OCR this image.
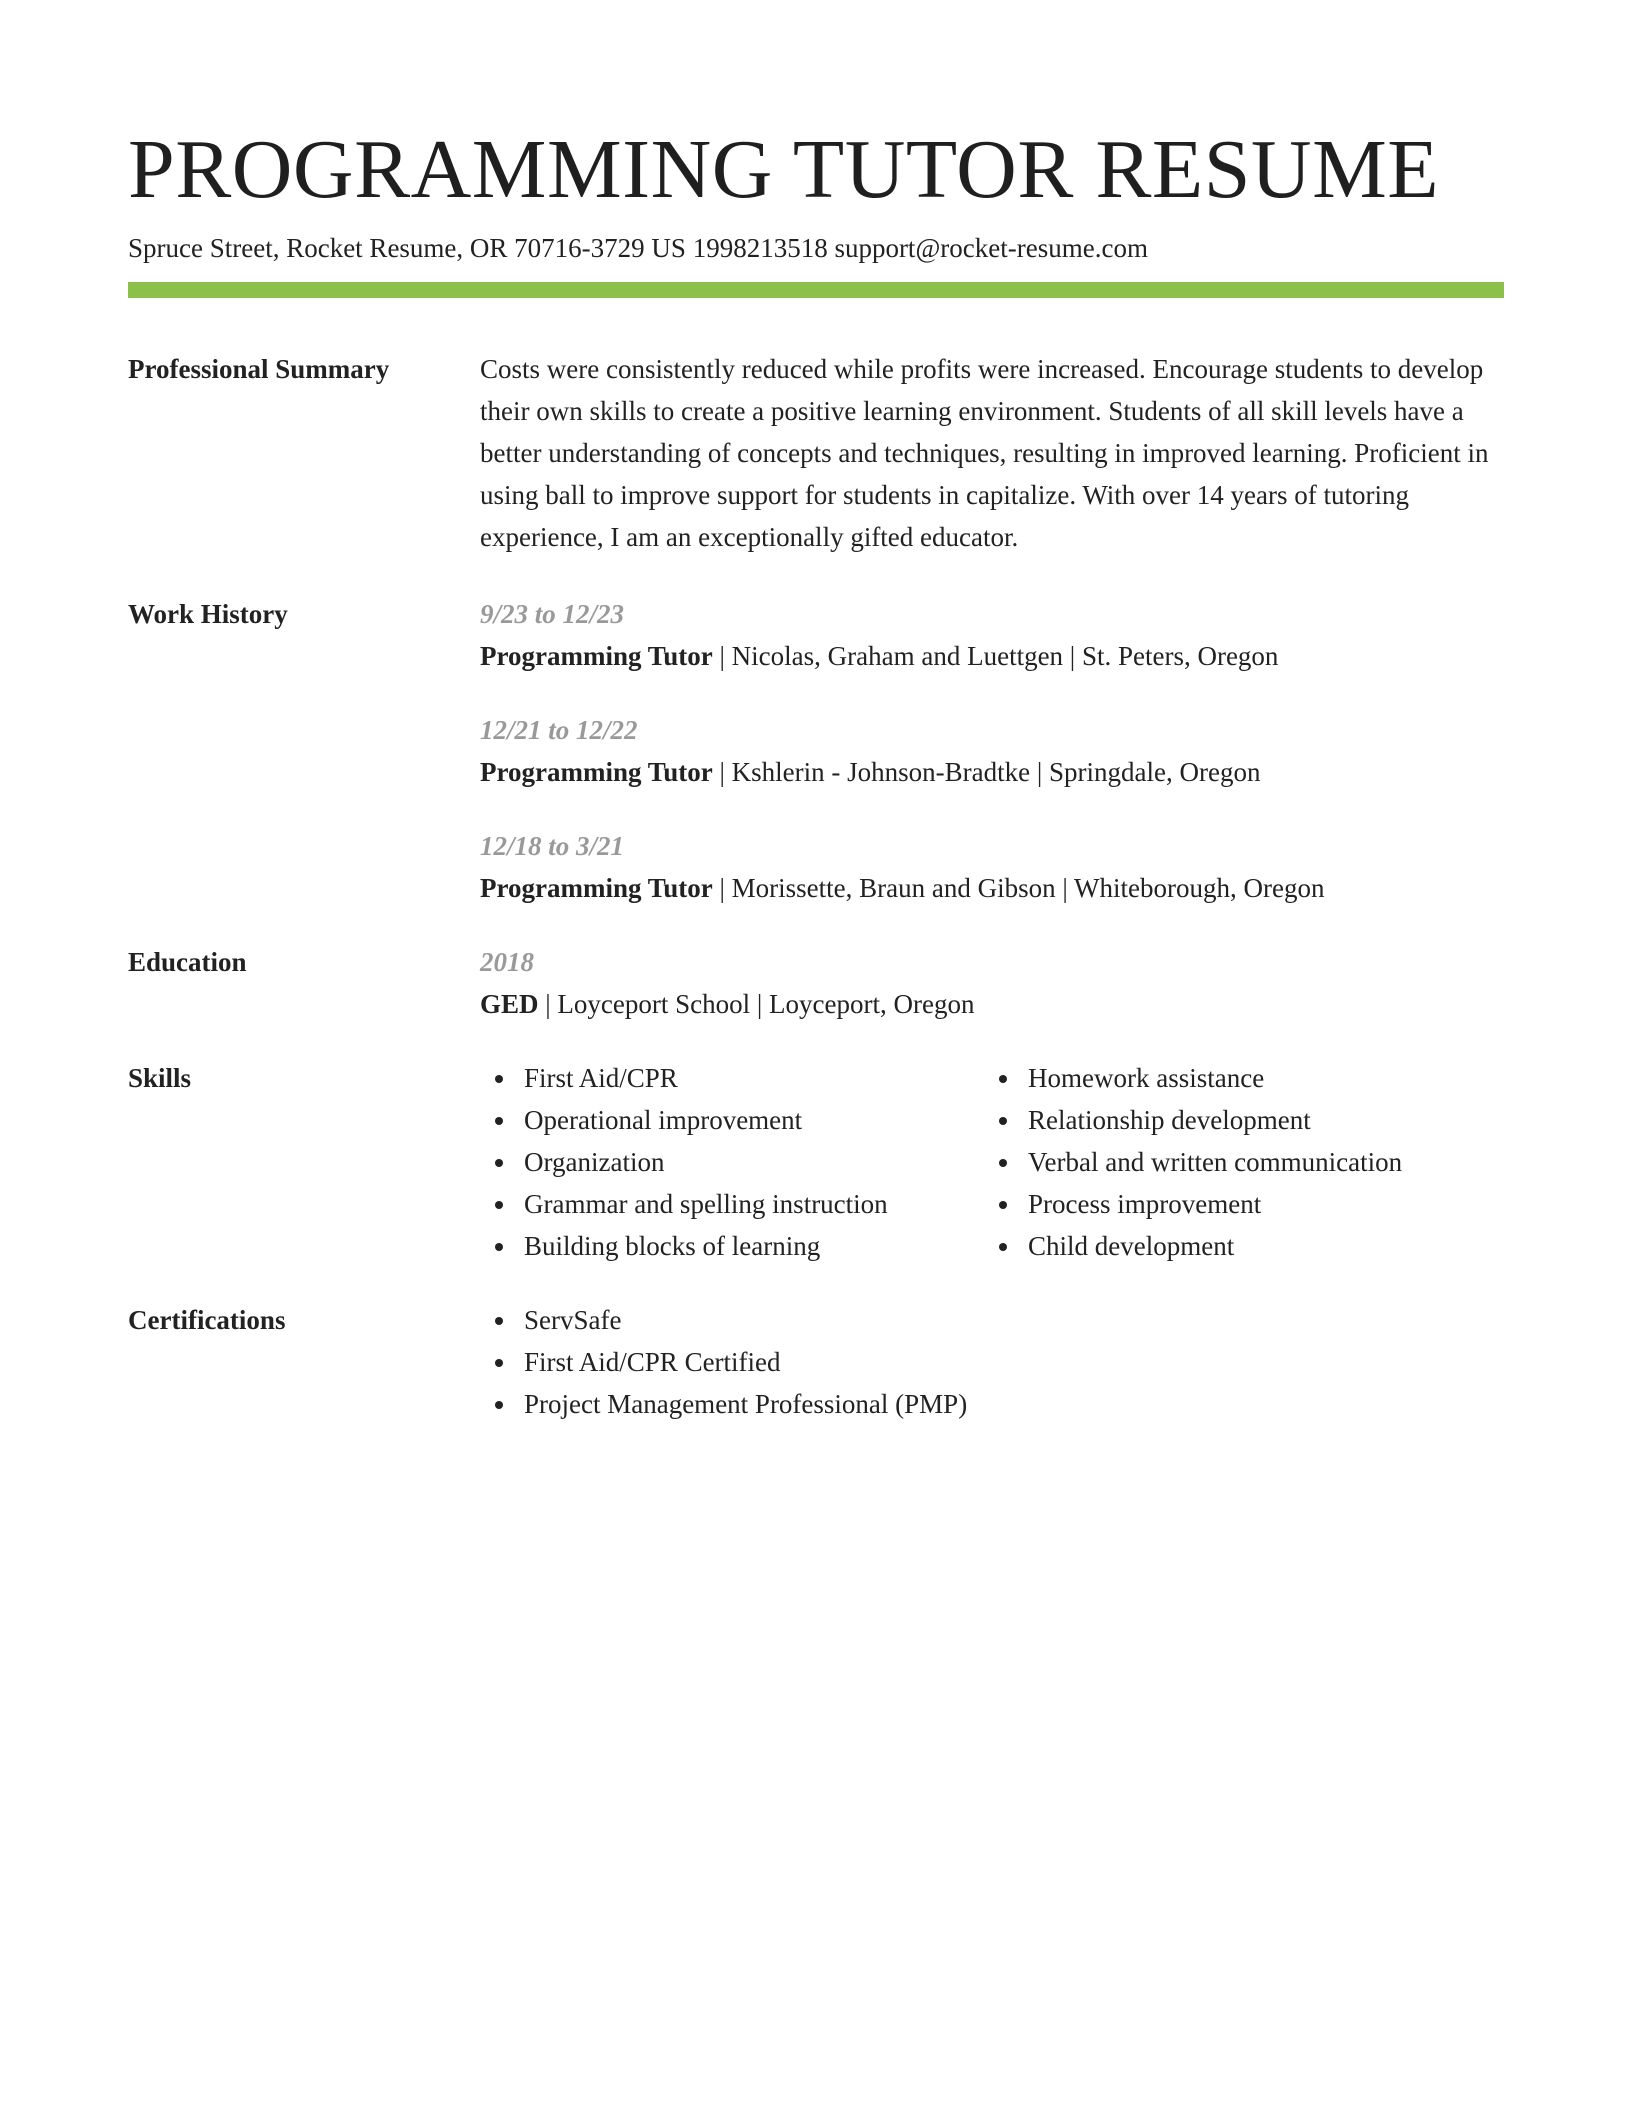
PROGRAMMING TUTOR RESUME
Spruce Street, Rocket Resume, OR 70716-3729 US 1998213518 support@rocket-resume.com
Professional Summary	Costs were consistently reduced while profits were increased. Encourage students to develop their own skills to create a positive learning environment. Students of all skill levels have a better understanding of concepts and techniques, resulting in improved learning. Proficient in using ball to improve support for students in capitalize. With over 14 years of tutoring experience, I am an exceptionally gifted educator.
Work History	9/23 to 12/23
Programming Tutor | Nicolas, Graham and Luettgen | St. Peters, Oregon
12/21 to 12/22
Programming Tutor | Kshlerin - Johnson-Bradtke | Springdale, Oregon
12/18 to 3/21
Programming Tutor | Morissette, Braun and Gibson | Whiteborough, Oregon
Education	2018
GED | Loyceport School | Loyceport, Oregon
Skills	First Aid/CPR
Operational improvement
Organization
Grammar and spelling instruction
Building blocks of learning
Homework assistance
Relationship development
Verbal and written communication
Process improvement
Child development
Certifications	ServSafe
First Aid/CPR Certified
Project Management Professional (PMP)
